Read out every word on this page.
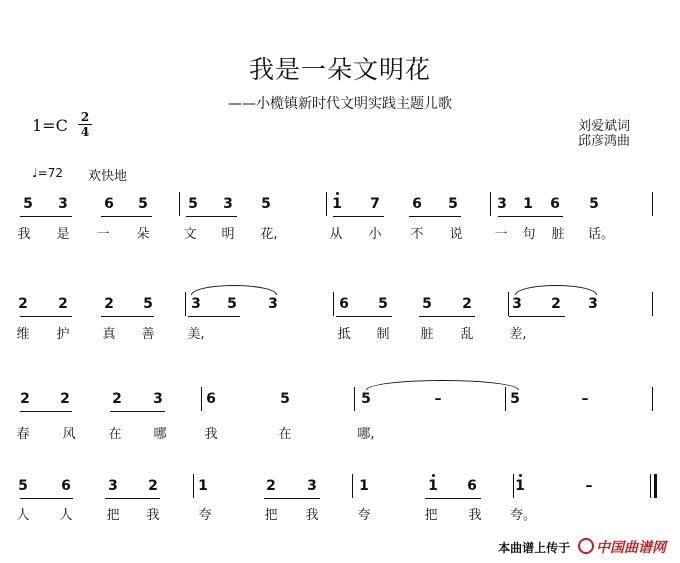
我是一朵文明花
——小榄镇新时代文明实践主题儿歌
1=C 2
4	刘爱斌词
邱彦鸿曲
♩=72 欢快地
5 3	6 5	5 3 5	1 7 6 5	3 1 6 5
我 是 一 朵	文 明 花,	从 小 不 说 一 句 脏 话。
2 2	2 5	3 5 3	6 5 5 2	3 2 3
维 护	真 善	美,	抵 制 脏 乱	差,
2 2	2 3	6	5	5	–	5	–
春	风	在 哪	我	在	哪,
5 6	3 2	1	2 3	1	1 6	1	–
人 人	把 我	夸	把 我	夸	把 我 夸。
本曲谱上传于 中国曲谱网
